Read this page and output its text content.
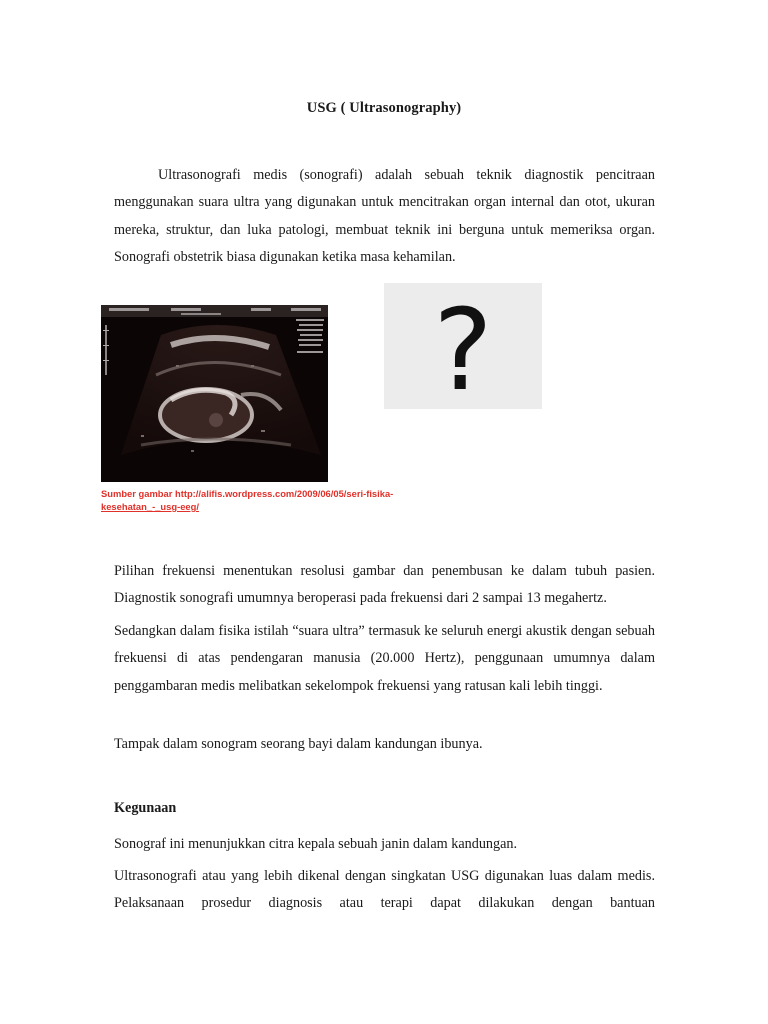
USG ( Ultrasonography)

Ultrasonografi medis (sonografi) adalah sebuah teknik diagnostik pencitraan menggunakan suara ultra yang digunakan untuk mencitrakan organ internal dan otot, ukuran mereka, struktur, dan luka patologi, membuat teknik ini berguna untuk memeriksa organ. Sonografi obstetrik biasa digunakan ketika masa kehamilan.

?
Sumber gambar http://alifis.wordpress.com/2009/06/05/seri-fisika-
kesehatan_-_usg-eeg/

Pilihan frekuensi menentukan resolusi gambar dan penembusan ke dalam tubuh pasien. Diagnostik sonografi umumnya beroperasi pada frekuensi dari 2 sampai 13 megahertz.

Sedangkan dalam fisika istilah “suara ultra” termasuk ke seluruh energi akustik dengan sebuah frekuensi di atas pendengaran manusia (20.000 Hertz), penggunaan umumnya dalam penggambaran medis melibatkan sekelompok frekuensi yang ratusan kali lebih tinggi.

Tampak dalam sonogram seorang bayi dalam kandungan ibunya.

Kegunaan

Sonograf ini menunjukkan citra kepala sebuah janin dalam kandungan.

Ultrasonografi atau yang lebih dikenal dengan singkatan USG digunakan luas dalam medis. Pelaksanaan prosedur diagnosis atau terapi dapat dilakukan dengan bantuan
